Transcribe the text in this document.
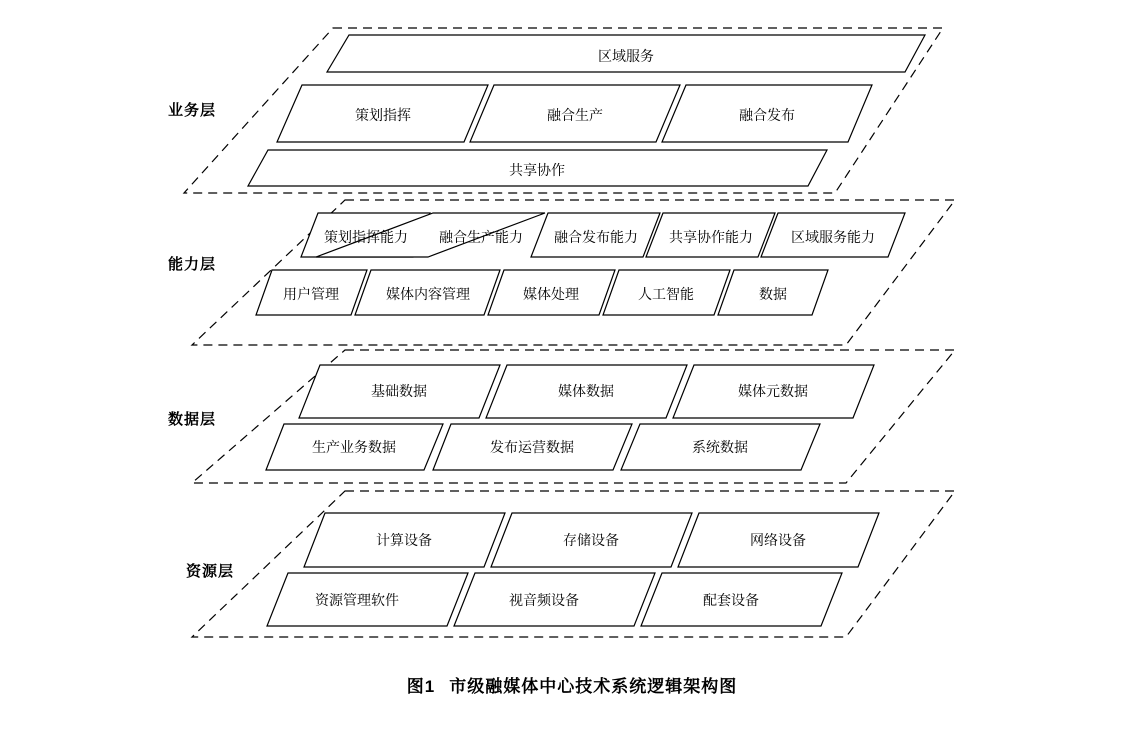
业务层
能力层
数据层
资源层
区域服务
策划指挥	融合生产	融合发布
共享协作
策划指挥能力 融合生产能力 融合发布能力 共享协作能力	区域服务能力
用户管理	媒体内容管理	媒体处理	人工智能	数据
基础数据	媒体数据	媒体元数据
生产业务数据	发布运营数据	系统数据
计算设备	存储设备	网络设备
资源管理软件	视音频设备	配套设备
图1 市级融媒体中心技术系统逻辑架构图
